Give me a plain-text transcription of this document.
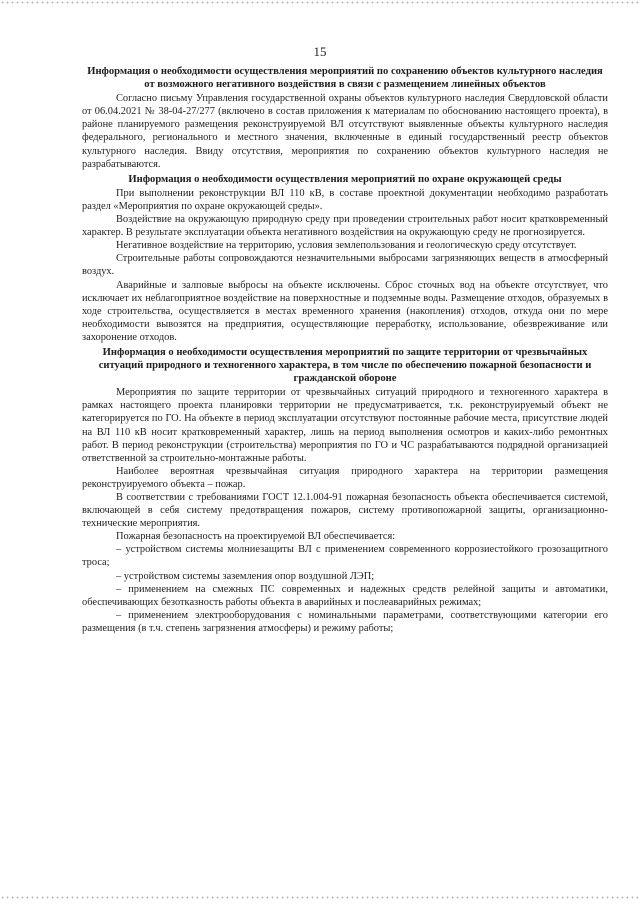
15
Информация о необходимости осуществления мероприятий по сохранению объектов культурного наследия от возможного негативного воздействия в связи с размещением линейных объектов

Согласно письму Управления государственной охраны объектов культурного наследия Свердловской области от 06.04.2021 № 38-04-27/277 (включено в состав приложения к материалам по обоснованию настоящего проекта), в районе планируемого размещения реконструируемой ВЛ отсутствуют выявленные объекты культурного наследия федерального, регионального и местного значения, включенные в единый государственный реестр объектов культурного наследия. Ввиду отсутствия, мероприятия по сохранению объектов культурного наследия не разрабатываются.

Информация о необходимости осуществления мероприятий по охране окружающей среды

При выполнении реконструкции ВЛ 110 кВ, в составе проектной документации необходимо разработать раздел «Мероприятия по охране окружающей среды».

Воздействие на окружающую природную среду при проведении строительных работ носит кратковременный характер. В результате эксплуатации объекта негативного воздействия на окружающую среду не прогнозируется.

Негативное воздействие на территорию, условия землепользования и геологическую среду отсутствует.

Строительные работы сопровождаются незначительными выбросами загрязняющих веществ в атмосферный воздух.

Аварийные и залповые выбросы на объекте исключены. Сброс сточных вод на объекте отсутствует, что исключает их неблагоприятное воздействие на поверхностные и подземные воды. Размещение отходов, образуемых в ходе строительства, осуществляется в местах временного хранения (накопления) отходов, откуда они по мере необходимости вывозятся на предприятия, осуществляющие переработку, использование, обезвреживание или захоронение отходов.

Информация о необходимости осуществления мероприятий по защите территории от чрезвычайных ситуаций природного и техногенного характера, в том числе по обеспечению пожарной безопасности и гражданской обороне

Мероприятия по защите территории от чрезвычайных ситуаций природного и техногенного характера в рамках настоящего проекта планировки территории не предусматривается, т.к. реконструируемый объект не категорируется по ГО. На объекте в период эксплуатации отсутствуют постоянные рабочие места, присутствие людей на ВЛ 110 кВ носит кратковременный характер, лишь на период выполнения осмотров и каких-либо ремонтных работ. В период реконструкции (строительства) мероприятия по ГО и ЧС разрабатываются подрядной организацией ответственной за строительно-монтажные работы.

Наиболее вероятная чрезвычайная ситуация природного характера на территории размещения реконструируемого объекта – пожар.

В соответствии с требованиями ГОСТ 12.1.004-91 пожарная безопасность объекта обеспечивается системой, включающей в себя систему предотвращения пожаров, систему противопожарной защиты, организационно-технические мероприятия.

Пожарная безопасность на проектируемой ВЛ обеспечивается:

– устройством системы молниезащиты ВЛ с применением современного коррозиестойкого грозозащитного троса;

– устройством системы заземления опор воздушной ЛЭП;

– применением на смежных ПС современных и надежных средств релейной защиты и автоматики, обеспечивающих безотказность работы объекта в аварийных и послеаварийных режимах;

– применением электрооборудования с номинальными параметрами, соответствующими категории его размещения (в т.ч. степень загрязнения атмосферы) и режиму работы;
